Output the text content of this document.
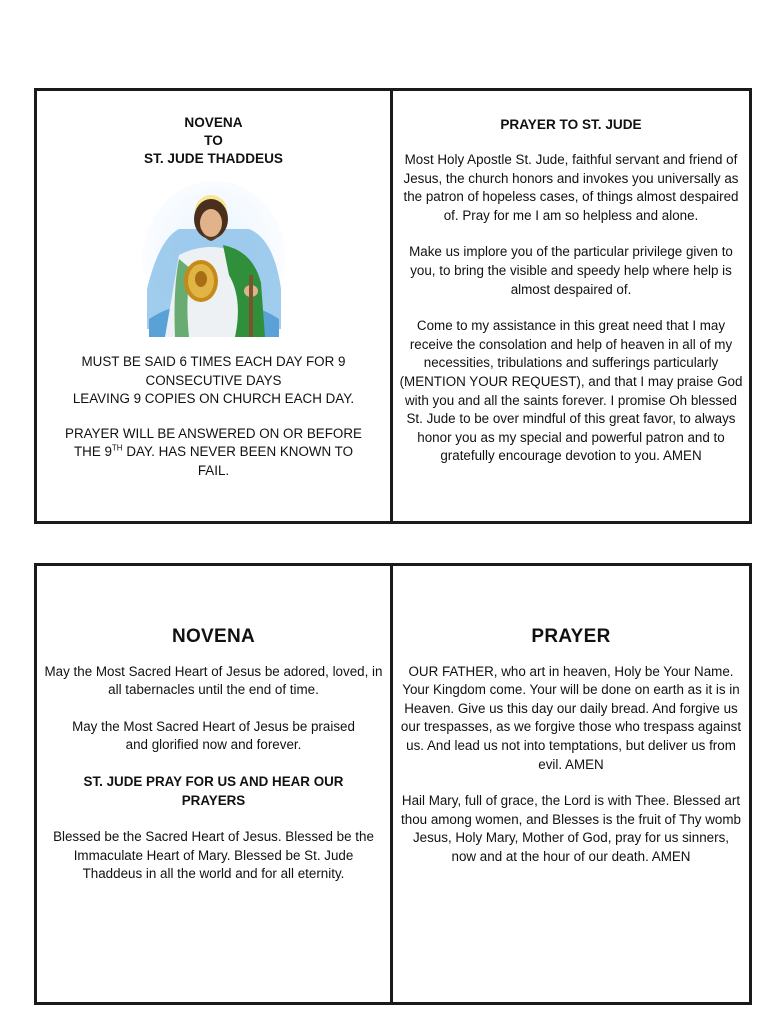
NOVENA
TO
ST. JUDE THADDEUS
MUST BE SAID 6 TIMES EACH DAY FOR 9
CONSECUTIVE DAYS
LEAVING 9 COPIES ON CHURCH EACH DAY.

PRAYER WILL BE ANSWERED ON OR BEFORE THE 9TH DAY. HAS NEVER BEEN KNOWN TO FAIL.

PRAYER TO ST. JUDE

Most Holy Apostle St. Jude, faithful servant and friend of Jesus, the church honors and invokes you universally as the patron of hopeless cases, of things almost despaired of. Pray for me I am so helpless and alone.

Make us implore you of the particular privilege given to you, to bring the visible and speedy help where help is almost despaired of.

Come to my assistance in this great need that I may receive the consolation and help of heaven in all of my necessities, tribulations and sufferings particularly (MENTION YOUR REQUEST), and that I may praise God with you and all the saints forever. I promise Oh blessed St. Jude to be over mindful of this great favor, to always honor you as my special and powerful patron and to gratefully encourage devotion to you. AMEN

NOVENA

May the Most Sacred Heart of Jesus be adored, loved, in all tabernacles until the end of time.

May the Most Sacred Heart of Jesus be praised and glorified now and forever.

ST. JUDE PRAY FOR US AND HEAR OUR PRAYERS

Blessed be the Sacred Heart of Jesus. Blessed be the Immaculate Heart of Mary. Blessed be St. Jude Thaddeus in all the world and for all eternity.

PRAYER

OUR FATHER, who art in heaven, Holy be Your Name. Your Kingdom come. Your will be done on earth as it is in Heaven. Give us this day our daily bread. And forgive us our trespasses, as we forgive those who trespass against us. And lead us not into temptations, but deliver us from evil. AMEN

Hail Mary, full of grace, the Lord is with Thee. Blessed art thou among women, and Blesses is the fruit of Thy womb Jesus, Holy Mary, Mother of God, pray for us sinners, now and at the hour of our death. AMEN
